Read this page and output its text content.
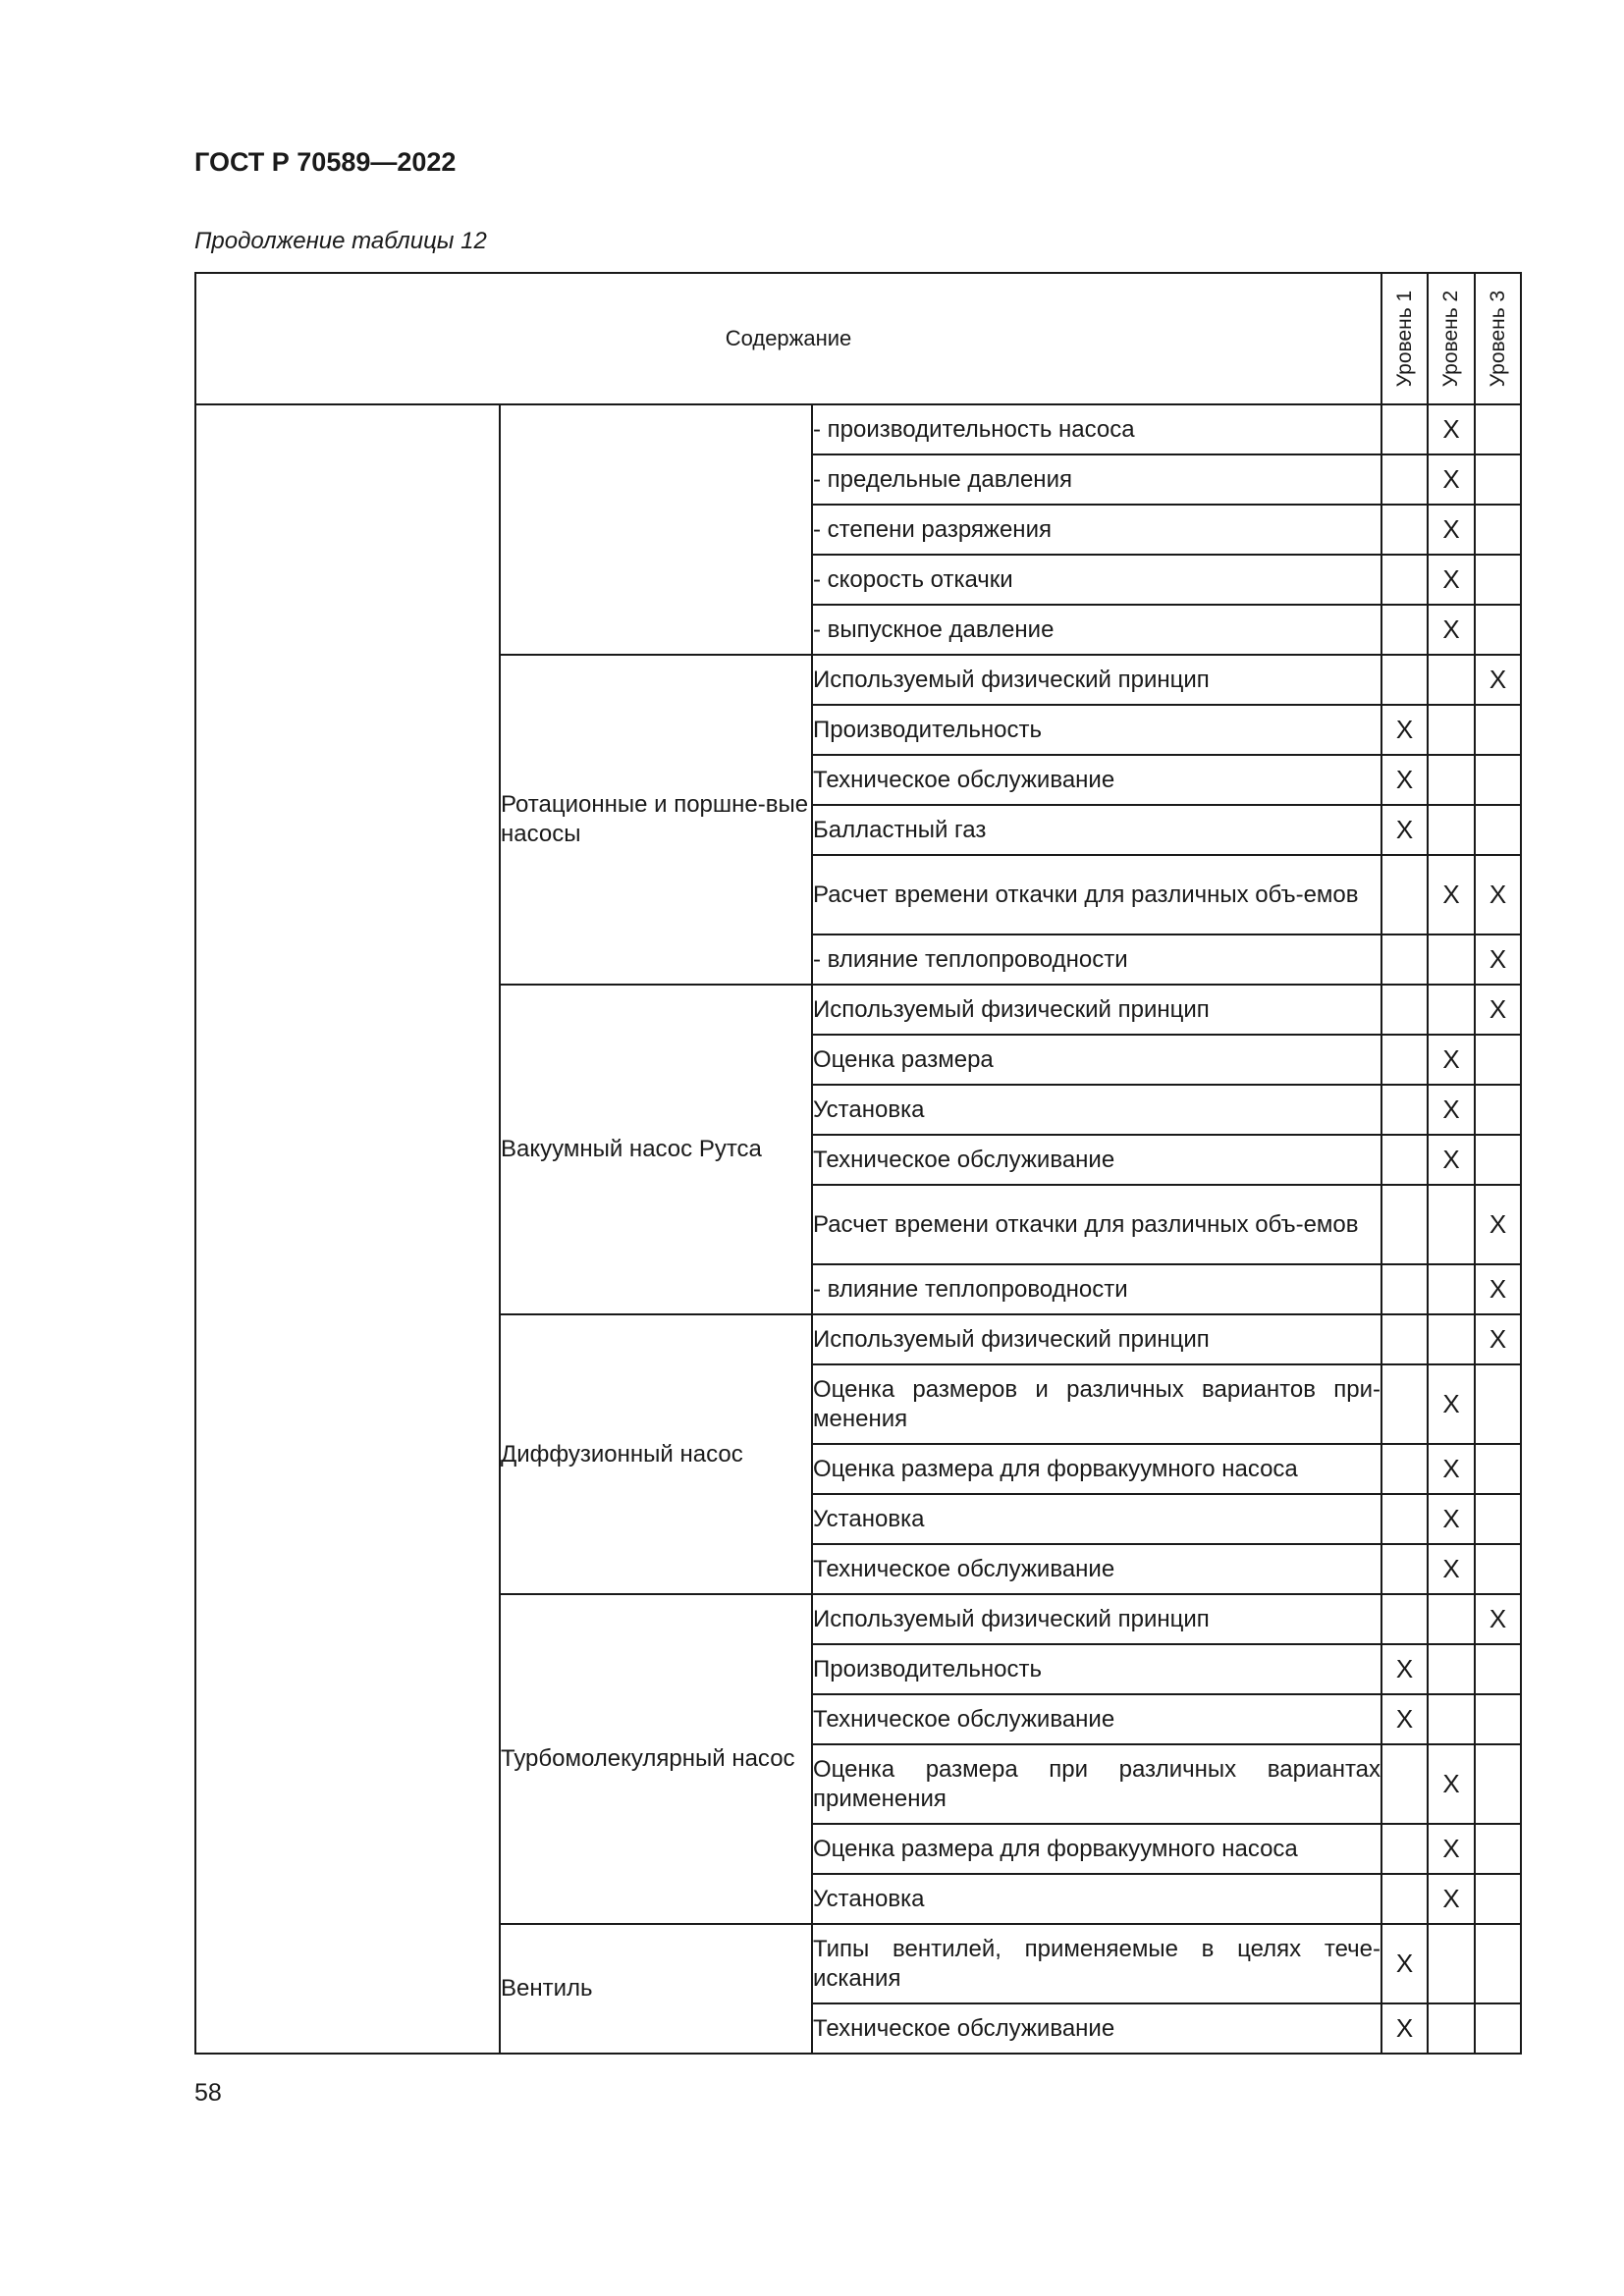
ГОСТ Р 70589—2022
Продолжение таблицы 12
Содержание			Уровень 1	Уровень 2	Уровень 3

		- производительность насоса		X	
		- предельные давления		X	
		- степени разряжения		X	
		- скорость откачки		X	
		- выпускное давление		X	
	Ротационные и поршне-вые насосы	Используемый физический принцип			X
		Производительность	X		
		Техническое обслуживание	X		
		Балластный газ	X		
		Расчет времени откачки для различных объ-емов		X	X
		- влияние теплопроводности			X
	Вакуумный насос Рутса	Используемый физический принцип			X
		Оценка размера		X	
		Установка		X	
		Техническое обслуживание		X	
		Расчет времени откачки для различных объ-емов			X
		- влияние теплопроводности			X
	Диффузионный насос	Используемый физический принцип			X
		Оценка размеров и различных вариантов при-менения		X	
		Оценка размера для форвакуумного насоса		X	
		Установка		X	
		Техническое обслуживание		X	
	Турбомолекулярный насос	Используемый физический принцип			X
		Производительность	X		
		Техническое обслуживание	X		
		Оценка размера при различных вариантах применения		X	
		Оценка размера для форвакуумного насоса		X	
		Установка		X	
	Вентиль	Типы вентилей, применяемые в целях тече-искания	X		
		Техническое обслуживание	X		
58
